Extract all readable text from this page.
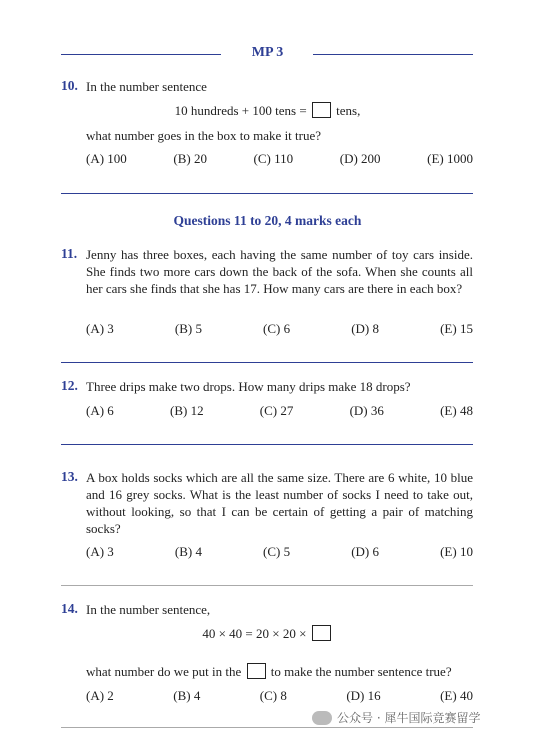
MP 3
10. In the number sentence
10 hundreds + 100 tens =  tens,
what number goes in the box to make it true?
(A) 100	(B) 20	(C) 110	(D) 200	(E) 1000
Questions 11 to 20, 4 marks each
11. Jenny has three boxes, each having the same number of toy cars inside. She finds two more cars down the back of the sofa. When she counts all her cars she finds that she has 17. How many cars are there in each box?
(A) 3	(B) 5	(C) 6	(D) 8	(E) 15
12. Three drips make two drops. How many drips make 18 drops?
(A) 6	(B) 12	(C) 27	(D) 36	(E) 48
13. A box holds socks which are all the same size. There are 6 white, 10 blue and 16 grey socks. What is the least number of socks I need to take out, without looking, so that I can be certain of getting a pair of matching socks?
(A) 3	(B) 4	(C) 5	(D) 6	(E) 10
14. In the number sentence,
40 × 40 = 20 × 20 ×
what number do we put in the  to make the number sentence true?
(A) 2	(B) 4	(C) 8	(D) 16	(E) 40
公众号 · 犀牛国际竞赛留学
